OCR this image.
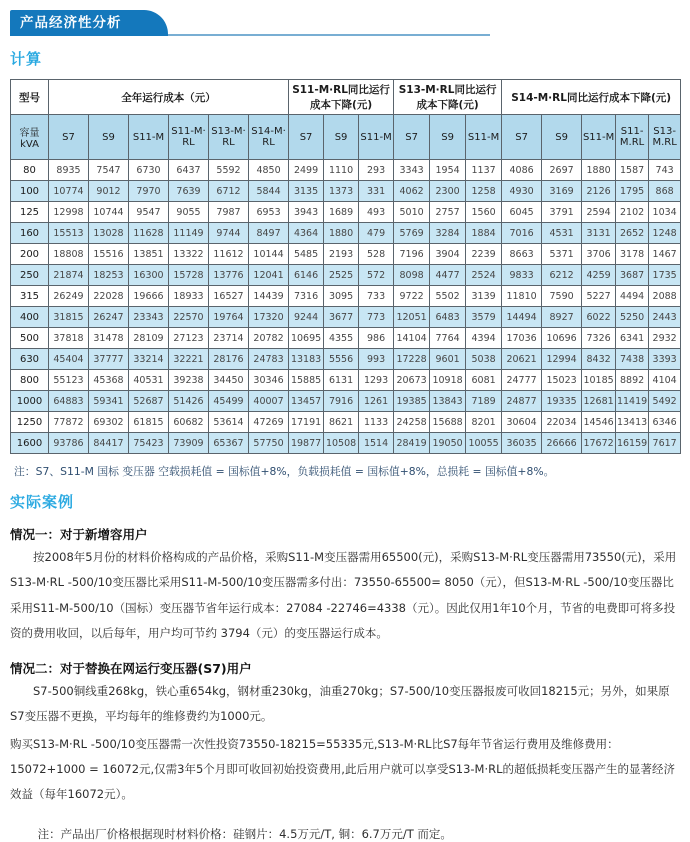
产品经济性分析
计算
型号	全年运行成本（元）						S11-M·RL同比运行成本下降(元)			S13-M·RL同比运行成本下降(元)			S14-M·RL同比运行成本下降(元)				
容量
kVA	S7	S9	S11-M	S11-M·RL	S13-M·RL	S14-M·RL	S7	S9	S11-M	S7	S9	S11-M	S7	S9	S11-M	S11-M.RL	S13-M.RL
80	8935	7547	6730	6437	5592	4850	2499	1110	293	3343	1954	1137	4086	2697	1880	1587	743
100	10774	9012	7970	7639	6712	5844	3135	1373	331	4062	2300	1258	4930	3169	2126	1795	868
125	12998	10744	9547	9055	7987	6953	3943	1689	493	5010	2757	1560	6045	3791	2594	2102	1034
160	15513	13028	11628	11149	9744	8497	4364	1880	479	5769	3284	1884	7016	4531	3131	2652	1248
200	18808	15516	13851	13322	11612	10144	5485	2193	528	7196	3904	2239	8663	5371	3706	3178	1467
250	21874	18253	16300	15728	13776	12041	6146	2525	572	8098	4477	2524	9833	6212	4259	3687	1735
315	26249	22028	19666	18933	16527	14439	7316	3095	733	9722	5502	3139	11810	7590	5227	4494	2088
400	31815	26247	23343	22570	19764	17320	9244	3677	773	12051	6483	3579	14494	8927	6022	5250	2443
500	37818	31478	28109	27123	23714	20782	10695	4355	986	14104	7764	4394	17036	10696	7326	6341	2932
630	45404	37777	33214	32221	28176	24783	13183	5556	993	17228	9601	5038	20621	12994	8432	7438	3393
800	55123	45368	40531	39238	34450	30346	15885	6131	1293	20673	10918	6081	24777	15023	10185	8892	4104
1000	64883	59341	52687	51426	45499	40007	13457	7916	1261	19385	13843	7189	24877	19335	12681	11419	5492
1250	77872	69302	61815	60682	53614	47269	17191	8621	1133	24258	15688	8201	30604	22034	14546	13413	6346
1600	93786	84417	75423	73909	65367	57750	19877	10508	1514	28419	19050	10055	36035	26666	17672	16159	7617

注：S7、S11-M 国标 变压器 空载损耗值 = 国标值+8%，负载损耗值 = 国标值+8%，总损耗 = 国标值+8%。

实际案例
情况一：对于新增容用户

按2008年5月份的材料价格构成的产品价格，采购S11-M变压器需用65500(元)，采购S13-M·RL变压器需用73550(元)，采用S13-M·RL -500/10变压器比采用S11-M-500/10变压器需多付出：73550-65500= 8050（元），但S13-M·RL -500/10变压器比采用S11-M-500/10（国标）变压器节省年运行成本：27084 -22746=4338（元）。因此仅用1年10个月，节省的电费即可将多投资的费用收回，以后每年，用户均可节约 3794（元）的变压器运行成本。

情况二：对于替换在网运行变压器(S7)用户

S7-500铜线重268kg，铁心重654kg，钢材重230kg，油重270kg；S7-500/10变压器报废可收回18215元；另外，如果原S7变压器不更换，平均每年的维修费约为1000元。

购买S13-M·RL -500/10变压器需一次性投资73550-18215=55335元,S13-M·RL比S7每年节省运行费用及维修费用：15072+1000 = 16072元,仅需3年5个月即可收回初始投资费用,此后用户就可以享受S13-M·RL的超低损耗变压器产生的显著经济效益（每年16072元）。

注：产品出厂价格根据现时材料价格：硅钢片：4.5万元/T, 铜：6.7万元/T 而定。
